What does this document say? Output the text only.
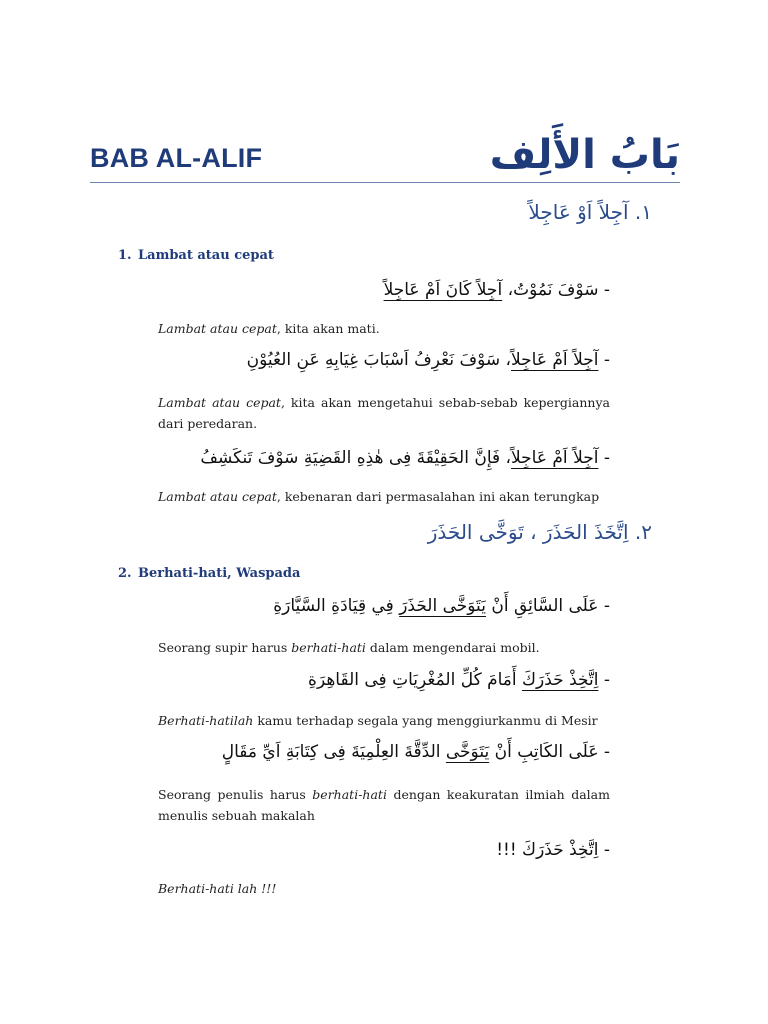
BAB AL-ALIF	بَابُ الأَلِف
١. آجِلاً اَوْ عَاجِلاً
1. Lambat atau cepat
- سَوْفَ نَمُوْتُ، آجِلاً كَانَ اَمْ عَاجِلاً
Lambat atau cepat, kita akan mati.
- آجِلاً اَمْ عَاجِلاً، سَوْفَ نَعْرِفُ اَسْبَابَ غِيَابِهِ عَنِ العُيُوْنِ
Lambat atau cepat, kita akan mengetahui sebab-sebab kepergiannya dari peredaran.
- آجِلاً اَمْ عَاجِلاً، فَإِنَّ الحَقِيْقَةَ فِى هٰذِهِ القَضِيَةِ سَوْفَ تَنكَشِفُ
Lambat atau cepat, kebenaran dari permasalahan ini akan terungkap
٢. اِتَّخَذَ الحَذَرَ ، تَوَخَّى الحَذَرَ
2. Berhati-hati, Waspada
- عَلَى السَّائِقِ أَنْ يَتَوَخَّى الحَذَرَ فِي قِيَادَةِ السَّيَّارَةِ
Seorang supir harus berhati-hati dalam mengendarai mobil.
- اِتَّخِذْ حَذَرَكَ أَمَامَ كُلِّ المُغْرِيَاتِ فِى القَاهِرَةِ
Berhati-hatilah kamu terhadap segala yang menggiurkanmu di Mesir
- عَلَى الكَاتِبِ أَنْ يَتَوَخَّى الدِّقَّةَ العِلْمِيَةَ فِى كِتَابَةِ اَيِّ مَقَالٍ
Seorang penulis harus berhati-hati dengan keakuratan ilmiah dalam menulis sebuah makalah
- اِتَّخِذْ حَذَرَكَ !!!
Berhati-hati lah !!!
